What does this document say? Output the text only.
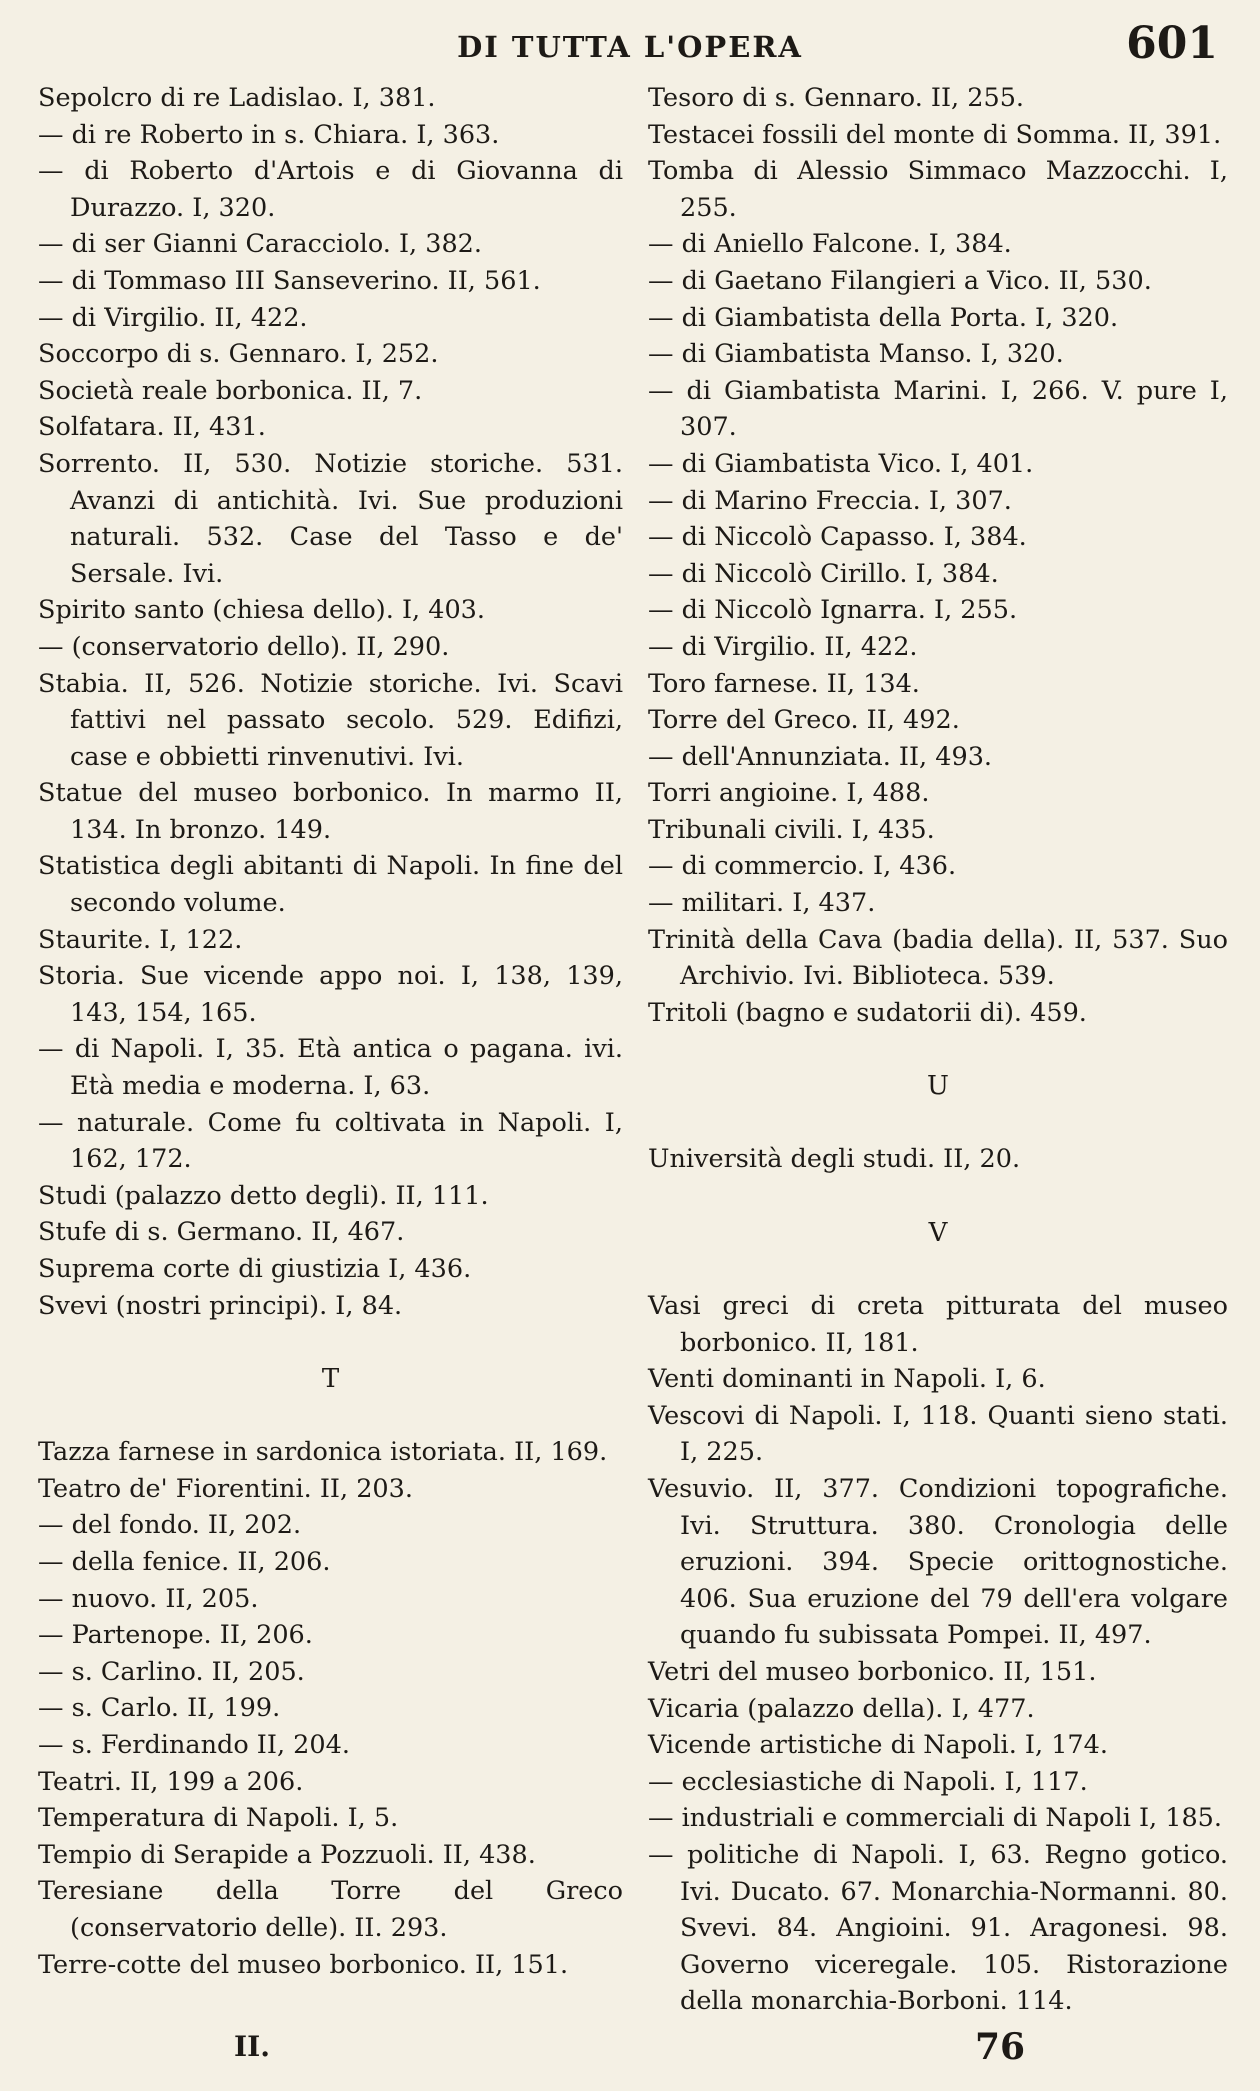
DI TUTTA L'OPERA	601
Sepolcro di re Ladislao. I, 381.
— di re Roberto in s. Chiara. I, 363.
— di Roberto d'Artois e di Giovanna di Durazzo. I, 320.
— di ser Gianni Caracciolo. I, 382.
— di Tommaso III Sanseverino. II, 561.
— di Virgilio. II, 422.
Soccorpo di s. Gennaro. I, 252.
Società reale borbonica. II, 7.
Solfatara. II, 431.
Sorrento. II, 530. Notizie storiche. 531. Avanzi di antichità. Ivi. Sue produzioni naturali. 532. Case del Tasso e de' Sersale. Ivi.
Spirito santo (chiesa dello). I, 403.
— (conservatorio dello). II, 290.
Stabia. II, 526. Notizie storiche. Ivi. Scavi fattivi nel passato secolo. 529. Edifizi, case e obbietti rinvenutivi. Ivi.
Statue del museo borbonico. In marmo II, 134. In bronzo. 149.
Statistica degli abitanti di Napoli. In fine del secondo volume.
Staurite. I, 122.
Storia. Sue vicende appo noi. I, 138, 139, 143, 154, 165.
— di Napoli. I, 35. Età antica o pagana. ivi. Età media e moderna. I, 63.
— naturale. Come fu coltivata in Napoli. I, 162, 172.
Studi (palazzo detto degli). II, 111.
Stufe di s. Germano. II, 467.
Suprema corte di giustizia I, 436.
Svevi (nostri principi). I, 84.
T
Tazza farnese in sardonica istoriata. II, 169.
Teatro de' Fiorentini. II, 203.
— del fondo. II, 202.
— della fenice. II, 206.
— nuovo. II, 205.
— Partenope. II, 206.
— s. Carlino. II, 205.
— s. Carlo. II, 199.
— s. Ferdinando II, 204.
Teatri. II, 199 a 206.
Temperatura di Napoli. I, 5.
Tempio di Serapide a Pozzuoli. II, 438.
Teresiane della Torre del Greco (conservatorio delle). II. 293.
Terre-cotte del museo borbonico. II, 151.
Tesoro di s. Gennaro. II, 255.
Testacei fossili del monte di Somma. II, 391.
Tomba di Alessio Simmaco Mazzocchi. I, 255.
— di Aniello Falcone. I, 384.
— di Gaetano Filangieri a Vico. II, 530.
— di Giambatista della Porta. I, 320.
— di Giambatista Manso. I, 320.
— di Giambatista Marini. I, 266. V. pure I, 307.
— di Giambatista Vico. I, 401.
— di Marino Freccia. I, 307.
— di Niccolò Capasso. I, 384.
— di Niccolò Cirillo. I, 384.
— di Niccolò Ignarra. I, 255.
— di Virgilio. II, 422.
Toro farnese. II, 134.
Torre del Greco. II, 492.
— dell'Annunziata. II, 493.
Torri angioine. I, 488.
Tribunali civili. I, 435.
— di commercio. I, 436.
— militari. I, 437.
Trinità della Cava (badia della). II, 537. Suo Archivio. Ivi. Biblioteca. 539.
Tritoli (bagno e sudatorii di). 459.
U
Università degli studi. II, 20.
V
Vasi greci di creta pitturata del museo borbonico. II, 181.
Venti dominanti in Napoli. I, 6.
Vescovi di Napoli. I, 118. Quanti sieno stati. I, 225.
Vesuvio. II, 377. Condizioni topografiche. Ivi. Struttura. 380. Cronologia delle eruzioni. 394. Specie orittognostiche. 406. Sua eruzione del 79 dell'era volgare quando fu subissata Pompei. II, 497.
Vetri del museo borbonico. II, 151.
Vicaria (palazzo della). I, 477.
Vicende artistiche di Napoli. I, 174.
— ecclesiastiche di Napoli. I, 117.
— industriali e commerciali di Napoli I, 185.
— politiche di Napoli. I, 63. Regno gotico. Ivi. Ducato. 67. Monarchia-Normanni. 80. Svevi. 84. Angioini. 91. Aragonesi. 98. Governo viceregale. 105. Ristorazione della monarchia-Borboni. 114.
II.	76
